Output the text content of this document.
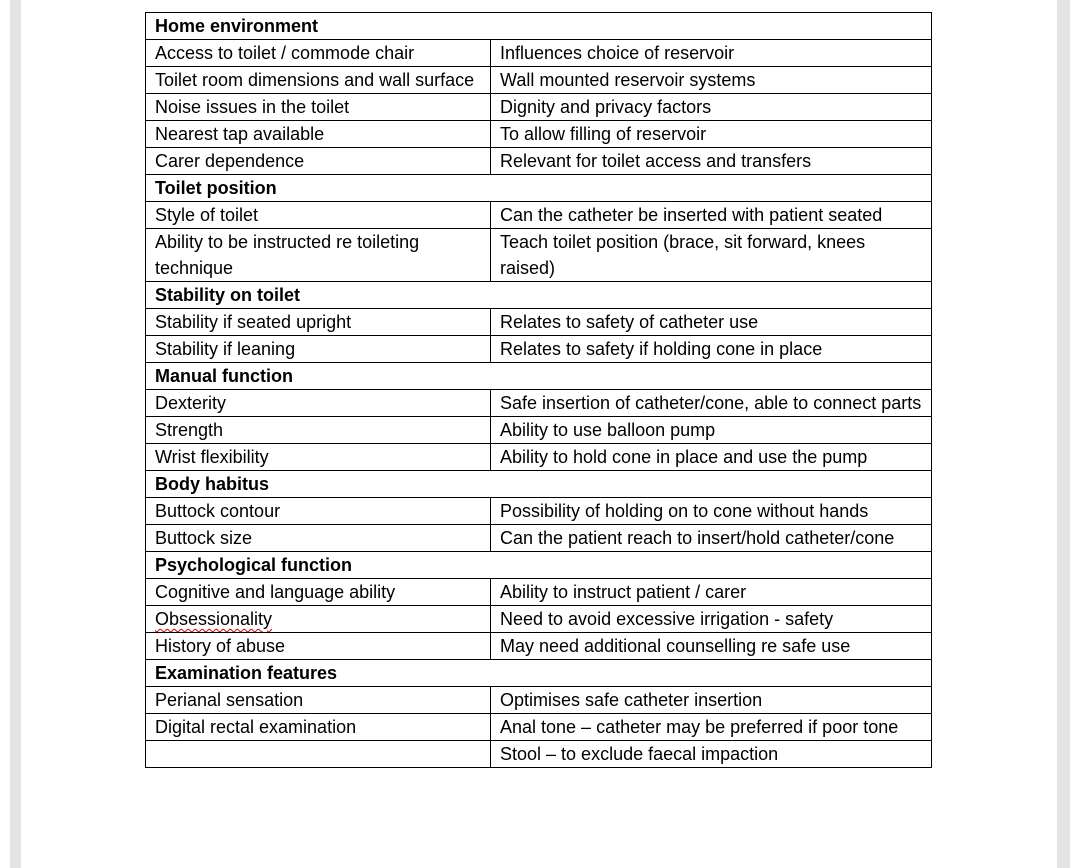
Home environment	
Access to toilet / commode chair	Influences choice of reservoir
Toilet room dimensions and wall surface	Wall mounted reservoir systems
Noise issues in the toilet	Dignity and privacy factors
Nearest tap available	To allow filling of reservoir
Carer dependence	Relevant for toilet access and transfers
Toilet position	
Style of toilet	Can the catheter be inserted with patient seated
Ability to be instructed re toileting technique	Teach toilet position (brace, sit forward, knees raised)
Stability on toilet	
Stability if seated upright	Relates to safety of catheter use
Stability if leaning	Relates to safety if holding cone in place
Manual function	
Dexterity	Safe insertion of catheter/cone, able to connect parts
Strength	Ability to use balloon pump
Wrist flexibility	Ability to hold cone in place and use the pump
Body habitus	
Buttock contour	Possibility of holding on to cone without hands
Buttock size	Can the patient reach to insert/hold catheter/cone
Psychological function	
Cognitive and language ability	Ability to instruct patient / carer
Obsessionality	Need to avoid excessive irrigation - safety
History of abuse	May need additional counselling re safe use
Examination features	
Perianal sensation	Optimises safe catheter insertion
Digital rectal examination	Anal tone – catheter may be preferred if poor tone
	Stool – to exclude faecal impaction
